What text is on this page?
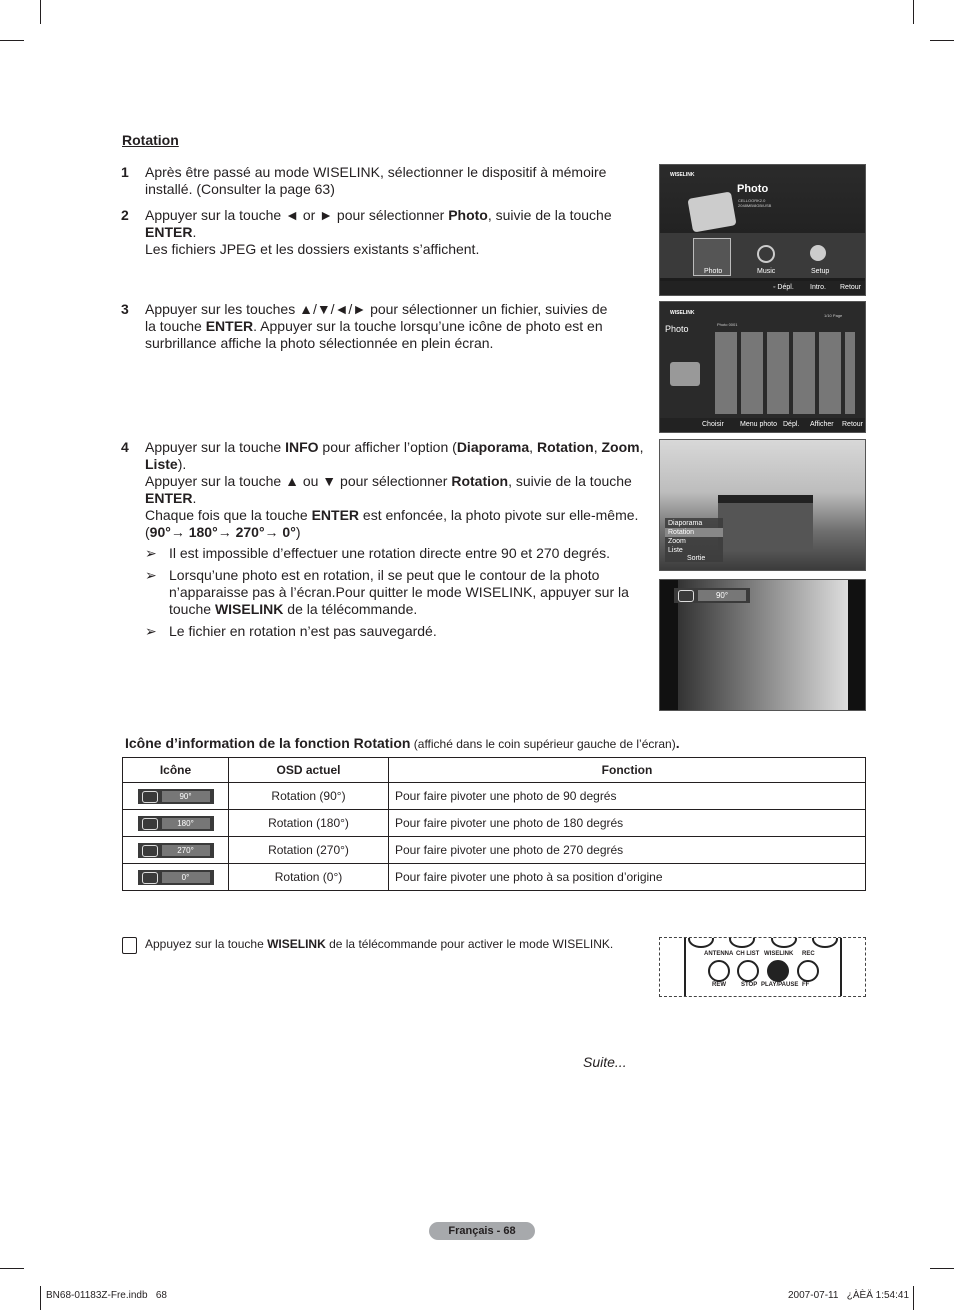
Rotation
1 Après être passé au mode WISELINK, sélectionner le dispositif à mémoire
installé. (Consulter la page 63)
2 Appuyer sur la touche ◄ or ► pour sélectionner Photo, suivie de la touche
ENTER.
Les fichiers JPEG et les dossiers existants s’affichent.
3 Appuyer sur les touches ▲/▼/◄/► pour sélectionner un fichier, suivies de
la touche ENTER. Appuyer sur la touche lorsqu’une icône de photo est en
surbrillance affiche la photo sélectionnée en plein écran.
4 Appuyer sur la touche INFO pour afficher l’option (Diaporama, Rotation, Zoom,
Liste).
Appuyer sur la touche ▲ ou ▼ pour sélectionner Rotation, suivie de la touche
ENTER.
Chaque fois que la touche ENTER est enfoncée, la photo pivote sur elle-même.
(90°→ 180°→ 270°→ 0°)
➢ Il est impossible d’effectuer une rotation directe entre 90 et 270 degrés.
➢ Lorsqu’une photo est en rotation, il se peut que le contour de la photo
n’apparaisse pas à l’écran.Pour quitter le mode WISELINK, appuyer sur la
touche WISELINK de la télécommande.
➢ Le fichier en rotation n’est pas sauvegardé.
WISELINK
Photo
CELLOORK2.0
2048MB/8GB/USB
Photo	Music	Setup
◦ Dépl. Intro. Retour
WISELINK	1/10 Page
Photo	Photo 0001
Choisir Menu photo Dépl. Afficher Retour
Diaporama
Rotation
Zoom
Liste
Sortie
90°
Icône d’information de la fonction Rotation (affiché dans le coin supérieur gauche de l’écran).
Icône	OSD actuel	Fonction

90°	Rotation (90°)	Pour faire pivoter une photo de 90 degrés

180°	Rotation (180°)	Pour faire pivoter une photo de 180 degrés

270°	Rotation (270°)	Pour faire pivoter une photo de 270 degrés

0°	Rotation (0°)	Pour faire pivoter une photo à sa position d’origine
Appuyez sur la touche WISELINK de la télécommande pour activer le mode WISELINK.
ANTENNA CH LIST WISELINK REC
REW	STOP PLAY/PAUSE FF
Suite...
Français - 68
BN68-01183Z-Fre.indb   68	2007-07-11   ¿ÀÈÄ 1:54:41
